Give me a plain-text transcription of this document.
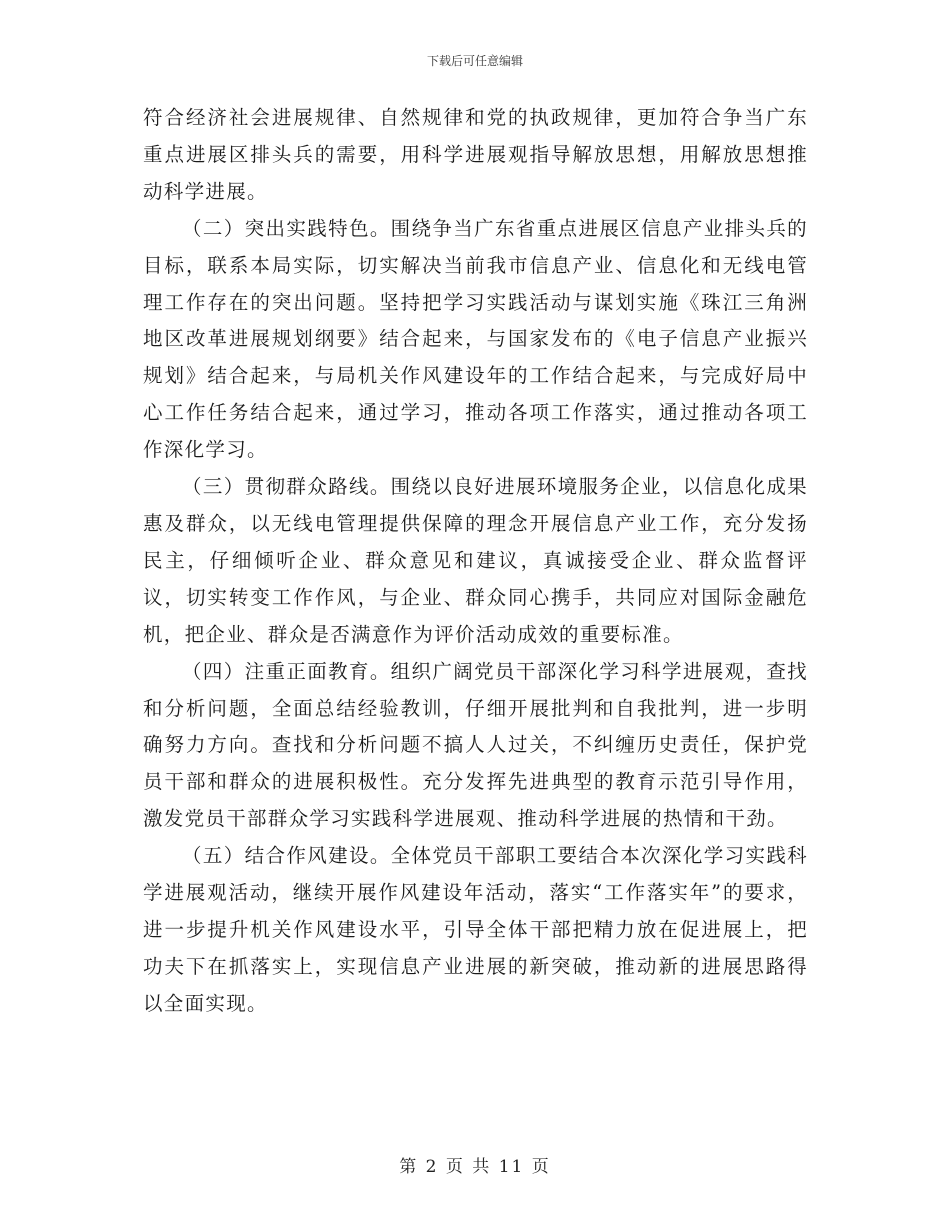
下载后可任意编辑

符合经济社会进展规律、自然规律和党的执政规律，更加符合争当广东重点进展区排头兵的需要，用科学进展观指导解放思想，用解放思想推动科学进展。

（二）突出实践特色。围绕争当广东省重点进展区信息产业排头兵的目标，联系本局实际，切实解决当前我市信息产业、信息化和无线电管理工作存在的突出问题。坚持把学习实践活动与谋划实施《珠江三角洲地区改革进展规划纲要》结合起来，与国家发布的《电子信息产业振兴规划》结合起来，与局机关作风建设年的工作结合起来，与完成好局中心工作任务结合起来，通过学习，推动各项工作落实，通过推动各项工作深化学习。

（三）贯彻群众路线。围绕以良好进展环境服务企业，以信息化成果惠及群众，以无线电管理提供保障的理念开展信息产业工作，充分发扬民主，仔细倾听企业、群众意见和建议，真诚接受企业、群众监督评议，切实转变工作作风，与企业、群众同心携手，共同应对国际金融危机，把企业、群众是否满意作为评价活动成效的重要标准。

（四）注重正面教育。组织广阔党员干部深化学习科学进展观，查找和分析问题，全面总结经验教训，仔细开展批判和自我批判，进一步明确努力方向。查找和分析问题不搞人人过关，不纠缠历史责任，保护党员干部和群众的进展积极性。充分发挥先进典型的教育示范引导作用，激发党员干部群众学习实践科学进展观、推动科学进展的热情和干劲。

（五）结合作风建设。全体党员干部职工要结合本次深化学习实践科学进展观活动，继续开展作风建设年活动，落实“工作落实年”的要求，进一步提升机关作风建设水平，引导全体干部把精力放在促进展上，把功夫下在抓落实上，实现信息产业进展的新突破，推动新的进展思路得以全面实现。

第 2 页 共 11 页
